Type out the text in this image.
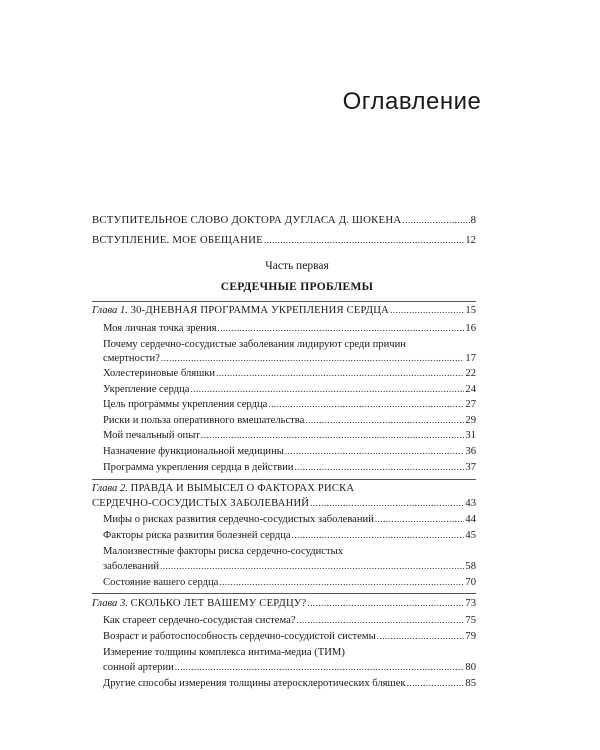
Оглавление
ВСТУПИТЕЛЬНОЕ СЛОВО ДОКТОРА ДУГЛАСА Д. ШОКЕНА .....	8
ВСТУПЛЕНИЕ. МОЕ ОБЕЩАНИЕ .....	12
Часть первая
СЕРДЕЧНЫЕ ПРОБЛЕМЫ
Глава 1. 30-ДНЕВНАЯ ПРОГРАММА УКРЕПЛЕНИЯ СЕРДЦА .....	15
Моя личная точка зрения .....	16
Почему сердечно-сосудистые заболевания лидируют среди причин
смертности? .....	17
Холестериновые бляшки .....	22
Укрепление сердца .....	24
Цель программы укрепления сердца .....	27
Риски и польза оперативного вмешательства .....	29
Мой печальный опыт .....	31
Назначение функциональной медицины .....	36
Программа укрепления сердца в действии .....	37
Глава 2. ПРАВДА И ВЫМЫСЕЛ О ФАКТОРАХ РИСКА
СЕРДЕЧНО-СОСУДИСТЫХ ЗАБОЛЕВАНИЙ .....	43
Мифы о рисках развития сердечно-сосудистых заболеваний .....	44
Факторы риска развития болезней сердца .....	45
Малоизвестные факторы риска сердечно-сосудистых
заболеваний .....	58
Состояние вашего сердца .....	70
Глава 3. СКОЛЬКО ЛЕТ ВАШЕМУ СЕРДЦУ? .....	73
Как стареет сердечно-сосудистая система? .....	75
Возраст и работоспособность сердечно-сосудистой системы .....	79
Измерение толщины комплекса интима-медиа (ТИМ)
сонной артерии .....	80
Другие способы измерения толщины атеросклеротических бляшек .....	85
